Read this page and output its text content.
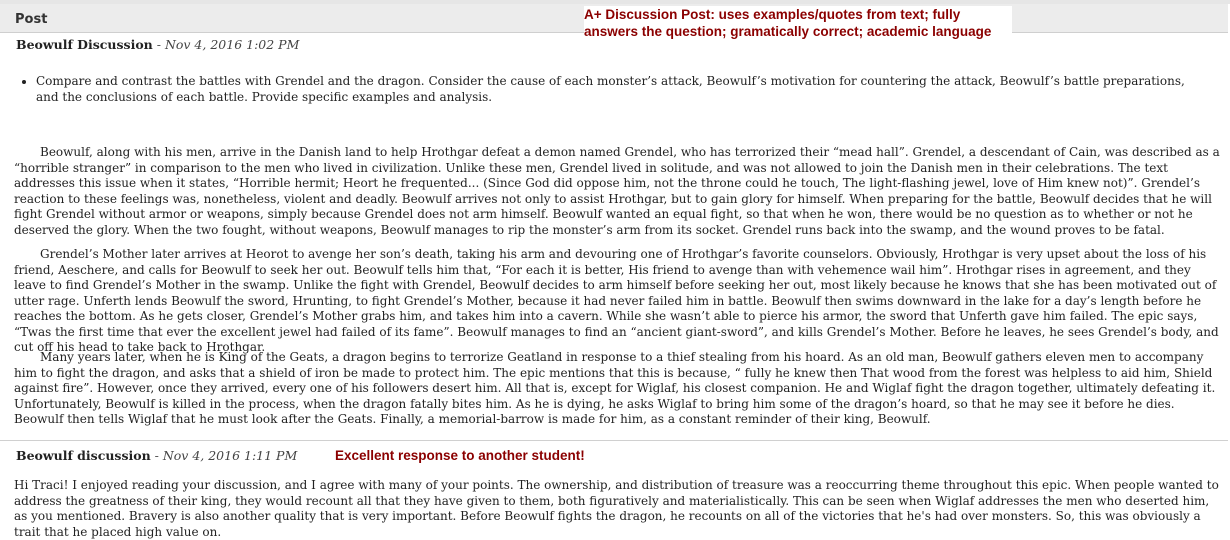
Post
Beowulf Discussion - Nov 4, 2016 1:02 PM
A+ Discussion Post: uses examples/quotes from text; fully answers the question; gramatically correct; academic language
• Compare and contrast the battles with Grendel and the dragon. Consider the cause of each monster’s attack, Beowulf’s motivation for countering the attack, Beowulf’s battle preparations, and the conclusions of each battle. Provide specific examples and analysis.

Beowulf, along with his men, arrive in the Danish land to help Hrothgar defeat a demon named Grendel, who has terrorized their “mead hall”. Grendel, a descendant of Cain, was described as a “horrible stranger” in comparison to the men who lived in civilization. Unlike these men, Grendel lived in solitude, and was not allowed to join the Danish men in their celebrations. The text addresses this issue when it states, “Horrible hermit; Heort he frequented... (Since God did oppose him, not the throne could he touch, The light-flashing jewel, love of Him knew not)”. Grendel’s reaction to these feelings was, nonetheless, violent and deadly. Beowulf arrives not only to assist Hrothgar, but to gain glory for himself. When preparing for the battle, Beowulf decides that he will fight Grendel without armor or weapons, simply because Grendel does not arm himself. Beowulf wanted an equal fight, so that when he won, there would be no question as to whether or not he deserved the glory. When the two fought, without weapons, Beowulf manages to rip the monster’s arm from its socket. Grendel runs back into the swamp, and the wound proves to be fatal.

Grendel’s Mother later arrives at Heorot to avenge her son’s death, taking his arm and devouring one of Hrothgar’s favorite counselors. Obviously, Hrothgar is very upset about the loss of his friend, Aeschere, and calls for Beowulf to seek her out. Beowulf tells him that, “For each it is better, His friend to avenge than with vehemence wail him”. Hrothgar rises in agreement, and they leave to find Grendel’s Mother in the swamp. Unlike the fight with Grendel, Beowulf decides to arm himself before seeking her out, most likely because he knows that she has been motivated out of utter rage. Unferth lends Beowulf the sword, Hrunting, to fight Grendel’s Mother, because it had never failed him in battle. Beowulf then swims downward in the lake for a day’s length before he reaches the bottom. As he gets closer, Grendel’s Mother grabs him, and takes him into a cavern. While she wasn’t able to pierce his armor, the sword that Unferth gave him failed. The epic says, “Twas the first time that ever the excellent jewel had failed of its fame”. Beowulf manages to find an “ancient giant-sword”, and kills Grendel’s Mother. Before he leaves, he sees Grendel’s body, and cut off his head to take back to Hrothgar.

Many years later, when he is King of the Geats, a dragon begins to terrorize Geatland in response to a thief stealing from his hoard. As an old man, Beowulf gathers eleven men to accompany him to fight the dragon, and asks that a shield of iron be made to protect him. The epic mentions that this is because, “ fully he knew then That wood from the forest was helpless to aid him, Shield against fire”. However, once they arrived, every one of his followers desert him. All that is, except for Wiglaf, his closest companion. He and Wiglaf fight the dragon together, ultimately defeating it. Unfortunately, Beowulf is killed in the process, when the dragon fatally bites him. As he is dying, he asks Wiglaf to bring him some of the dragon’s hoard, so that he may see it before he dies. Beowulf then tells Wiglaf that he must look after the Geats. Finally, a memorial-barrow is made for him, as a constant reminder of their king, Beowulf.

Beowulf discussion - Nov 4, 2016 1:11 PM	Excellent response to another student!

Hi Traci! I enjoyed reading your discussion, and I agree with many of your points. The ownership, and distribution of treasure was a reoccurring theme throughout this epic. When people wanted to address the greatness of their king, they would recount all that they have given to them, both figuratively and materialistically. This can be seen when Wiglaf addresses the men who deserted him, as you mentioned. Bravery is also another quality that is very important. Before Beowulf fights the dragon, he recounts on all of the victories that he's had over monsters. So, this was obviously a trait that he placed high value on.
